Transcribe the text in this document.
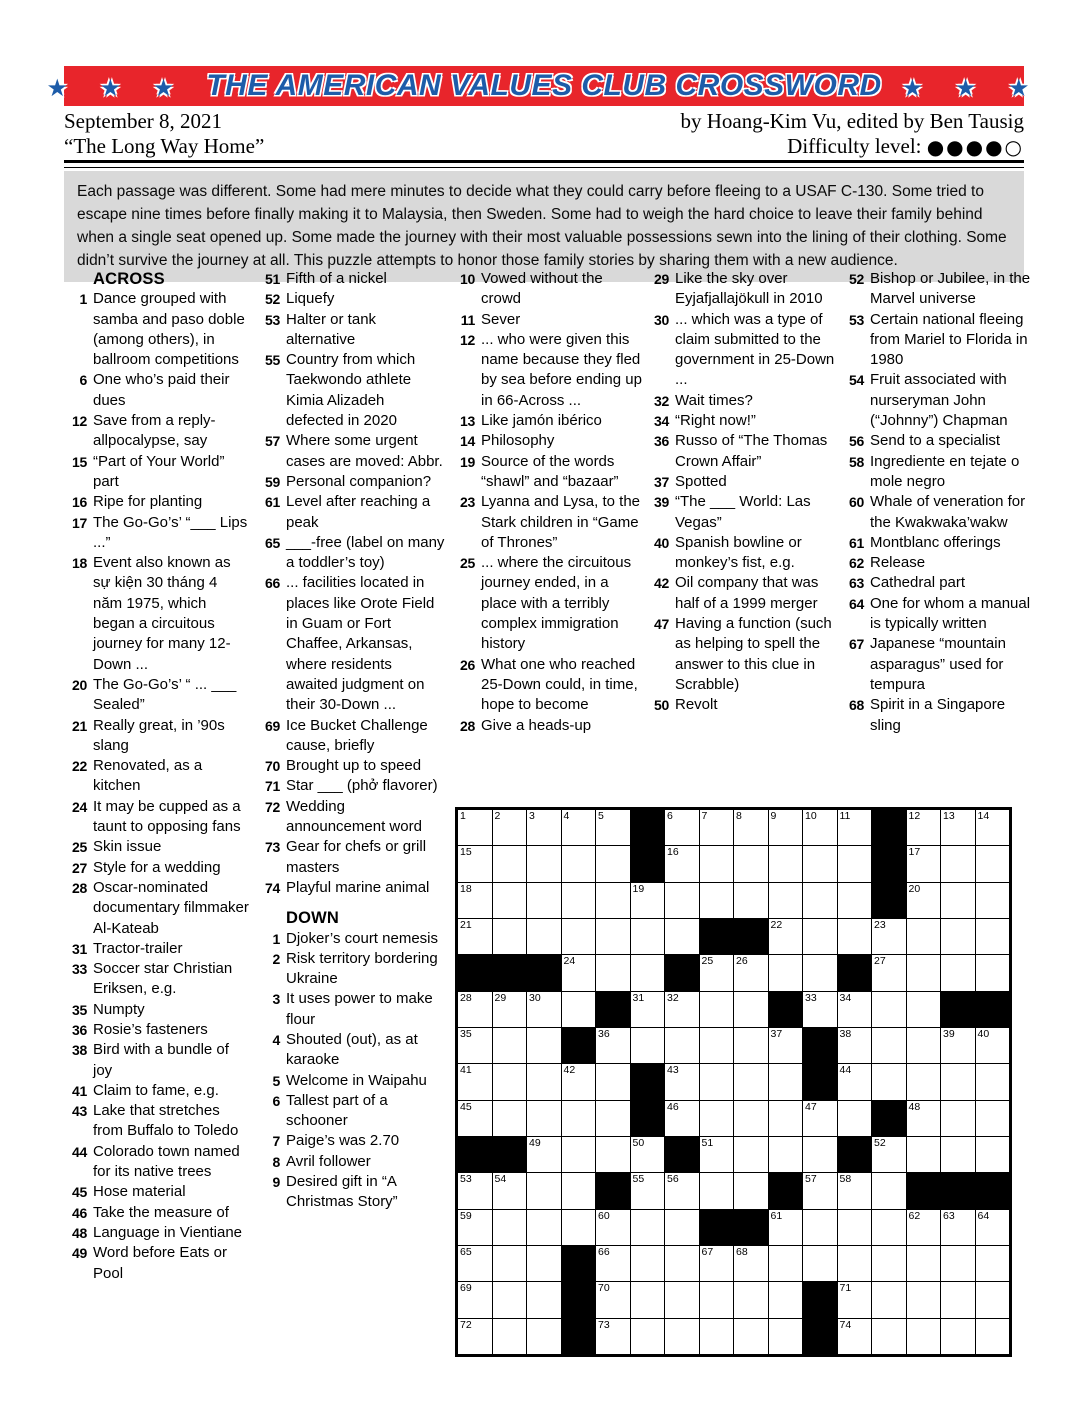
★ ★ ★ THE AMERICAN VALUES CLUB CROSSWORD ★ ★ ★
September 8, 2021
“The Long Way Home”
by Hoang-Kim Vu, edited by Ben Tausig
Difficulty level: ●●●●○
Each passage was different. Some had mere minutes to decide what they could carry before fleeing to a USAF C-130. Some tried to escape nine times before finally making it to Malaysia, then Sweden. Some had to weigh the hard choice to leave their family behind when a single seat opened up. Some made the journey with their most valuable possessions sewn into the lining of their clothing. Some didn’t survive the journey at all. This puzzle attempts to honor those family stories by sharing them with a new audience.
ACROSS
1 Dance grouped with samba and paso doble (among others), in ballroom competitions
6 One who’s paid their dues
12 Save from a reply-allpocalypse, say
15 “Part of Your World” part
16 Ripe for planting
17 The Go-Go’s’ “___ Lips ...”
18 Event also known as sự kiện 30 tháng 4 năm 1975, which began a circuitous journey for many 12-Down ...
20 The Go-Go’s’ “ ... ___ Sealed”
21 Really great, in ’90s slang
22 Renovated, as a kitchen
24 It may be cupped as a taunt to opposing fans
25 Skin issue
27 Style for a wedding
28 Oscar-nominated documentary filmmaker Al-Kateab
31 Tractor-trailer
33 Soccer star Christian Eriksen, e.g.
35 Numpty
36 Rosie’s fasteners
38 Bird with a bundle of joy
41 Claim to fame, e.g.
43 Lake that stretches from Buffalo to Toledo
44 Colorado town named for its native trees
45 Hose material
46 Take the measure of
48 Language in Vientiane
49 Word before Eats or Pool
51 Fifth of a nickel
52 Liquefy
53 Halter or tank alternative
55 Country from which Taekwondo athlete Kimia Alizadeh defected in 2020
57 Where some urgent cases are moved: Abbr.
59 Personal companion?
61 Level after reaching a peak
65 ___-free (label on many a toddler’s toy)
66 ... facilities located in places like Orote Field in Guam or Fort Chaffee, Arkansas, where residents awaited judgment on their 30-Down ...
69 Ice Bucket Challenge cause, briefly
70 Brought up to speed
71 Star ___ (phở flavorer)
72 Wedding announcement word
73 Gear for chefs or grill masters
74 Playful marine animal
DOWN
1 Djoker’s court nemesis
2 Risk territory bordering Ukraine
3 It uses power to make flour
4 Shouted (out), as at karaoke
5 Welcome in Waipahu
6 Tallest part of a schooner
7 Paige’s was 2.70
8 Avril follower
9 Desired gift in “A Christmas Story”
10 Vowed without the crowd
11 Sever
12 ... who were given this name because they fled by sea before ending up in 66-Across ...
13 Like jamón ibérico
14 Philosophy
19 Source of the words “shawl” and “bazaar”
23 Lyanna and Lysa, to the Stark children in “Game of Thrones”
25 ... where the circuitous journey ended, in a place with a terribly complex immigration history
26 What one who reached 25-Down could, in time, hope to become
28 Give a heads-up
29 Like the sky over Eyjafjallajökull in 2010
30 ... which was a type of claim submitted to the government in 25-Down ...
32 Wait times?
34 “Right now!”
36 Russo of “The Thomas Crown Affair”
37 Spotted
39 “The ___ World: Las Vegas”
40 Spanish bowline or monkey’s fist, e.g.
42 Oil company that was half of a 1999 merger
47 Having a function (such as helping to spell the answer to this clue in Scrabble)
50 Revolt
52 Bishop or Jubilee, in the Marvel universe
53 Certain national fleeing from Mariel to Florida in 1980
54 Fruit associated with nurseryman John (“Johnny”) Chapman
56 Send to a specialist
58 Ingrediente en tejate o mole negro
60 Whale of veneration for the Kwakwaka’wakw
61 Montblanc offerings
62 Release
63 Cathedral part
64 One for whom a manual is typically written
67 Japanese “mountain asparagus” used for tempura
68 Spirit in a Singapore sling
1	2	3	4	5	6	7	8	9	10 11	12 13 14
15	16	17
18	19	20
21	22	23
24	25 26	27
28 29 30	31 32	33 34
35	36	37	38	39 40
41	42	43	44
45	46	47	48
49	50	51	52
53 54	55 56	57 58
59	60	61	62 63 64
65	66	67 68
69	70	71
72	73	74
